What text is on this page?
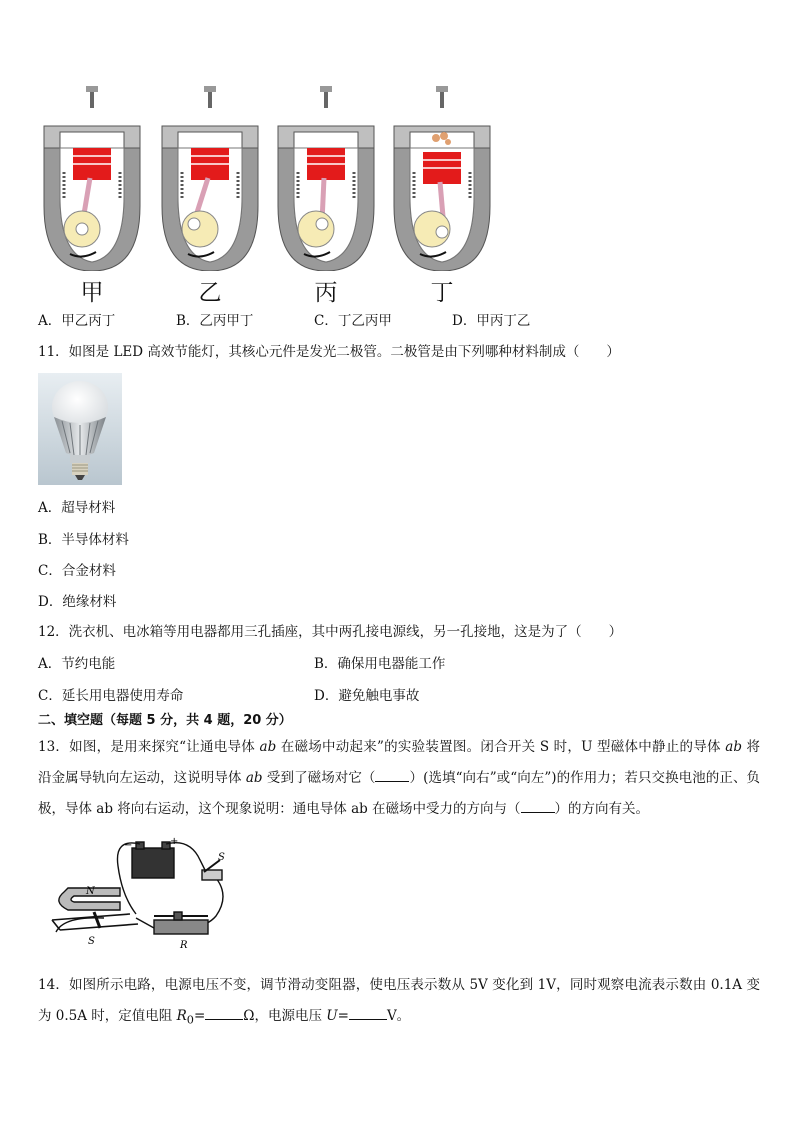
甲	乙	丙	丁
A．甲乙丙丁	B．乙丙甲丁	C．丁乙丙甲	D．甲丙丁乙
11．如图是 LED 高效节能灯，其核心元件是发光二极管。二极管是由下列哪种材料制成（　　）
A．超导材料
B．半导体材料
C．合金材料
D．绝缘材料
12．洗衣机、电冰箱等用电器都用三孔插座，其中两孔接电源线，另一孔接地，这是为了（　　）
A．节约电能	B．确保用电器能工作
C．延长用电器使用寿命	D．避免触电事故
二、填空题（每题 5 分，共 4 题，20 分）
13．如图，是用来探究“让通电导体 ab 在磁场中动起来”的实验装置图。闭合开关 S 时，U 型磁体中静止的导体 ab 将沿金属导轨向左运动，这说明导体 ab 受到了磁场对它（	）(选填“向右”或“向左”)的作用力；若只交换电池的正、负极，导体 ab 将向右运动，这个现象说明：通电导体 ab 在磁场中受力的方向与（	）的方向有关。
N
S
S
R
+
−
14．如图所示电路，电源电压不变，调节滑动变阻器，使电压表示数从 5V 变化到 1V，同时观察电流表示数由 0.1A 变为 0.5A 时，定值电阻 $R_0=$	Ω，电源电压 U=	V。
